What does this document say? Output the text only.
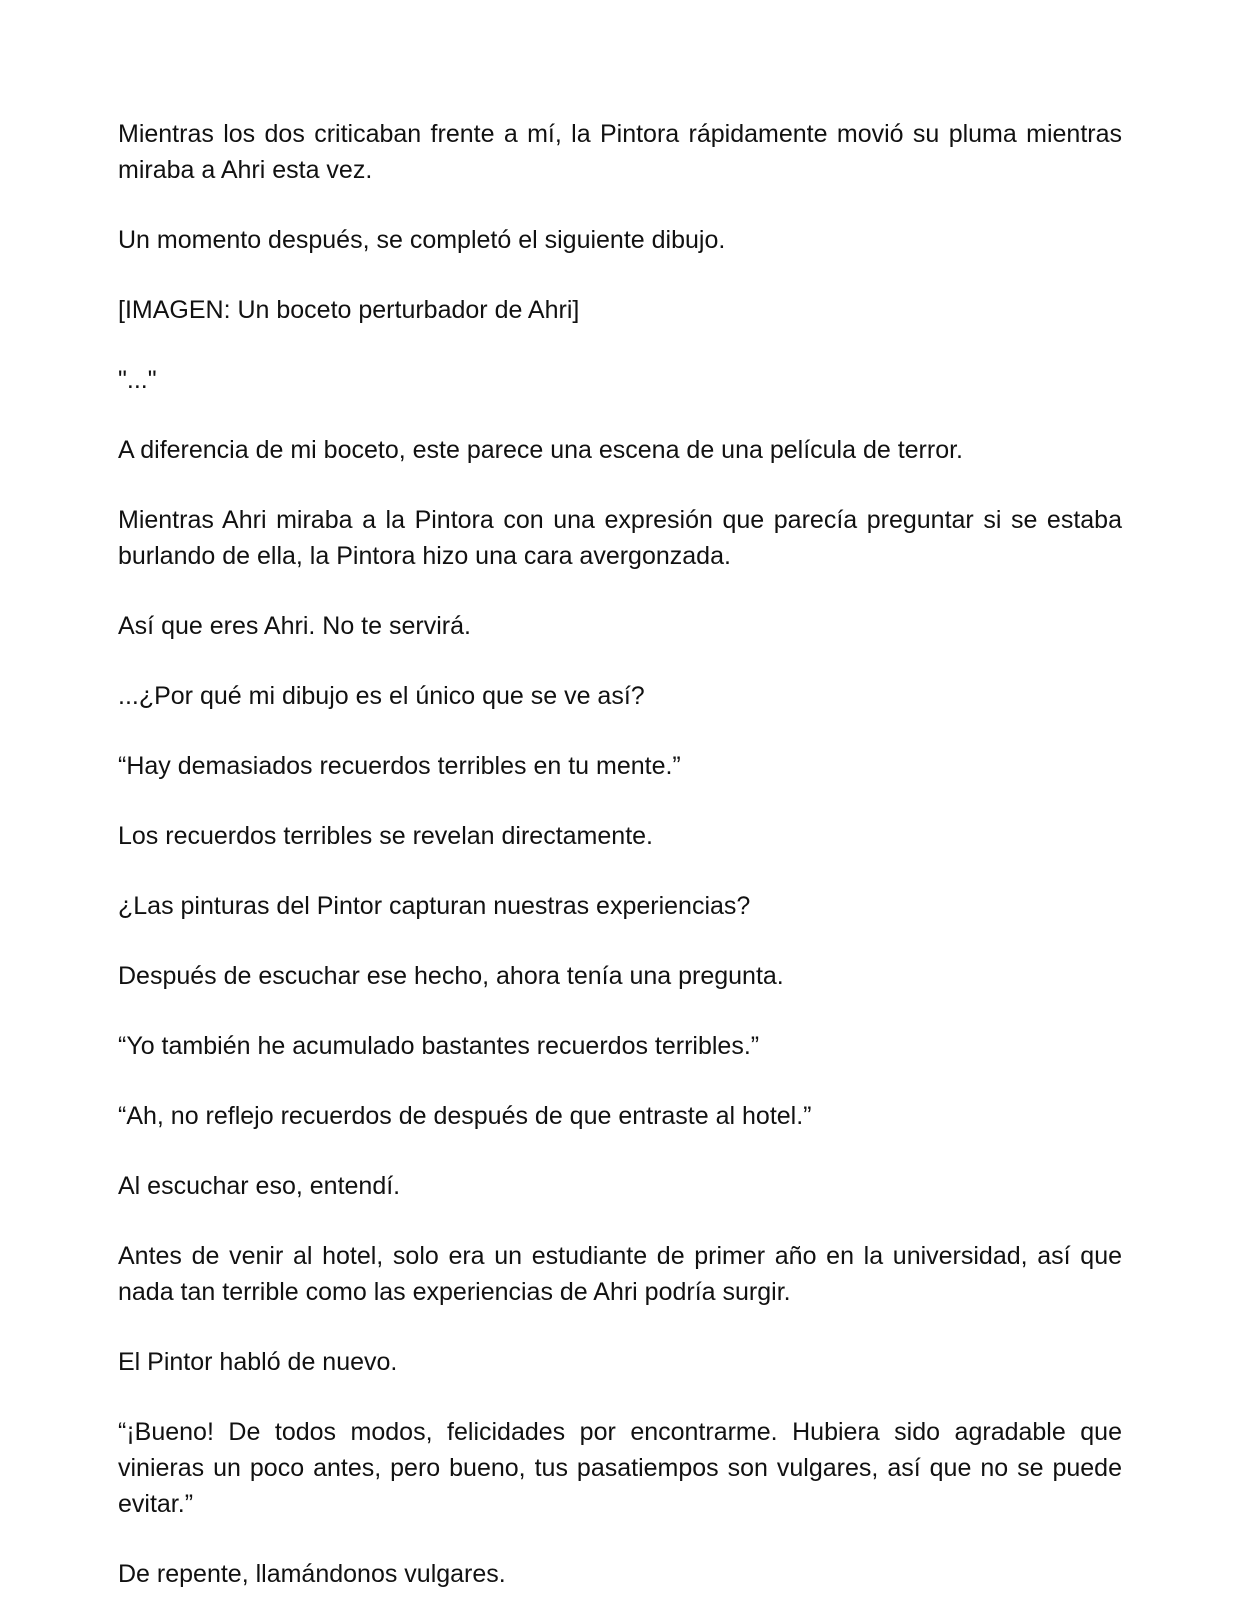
Mientras los dos criticaban frente a mí, la Pintora rápidamente movió su pluma mientras miraba a Ahri esta vez.

Un momento después, se completó el siguiente dibujo.

[IMAGEN: Un boceto perturbador de Ahri]

"..."

A diferencia de mi boceto, este parece una escena de una película de terror.

Mientras Ahri miraba a la Pintora con una expresión que parecía preguntar si se estaba burlando de ella, la Pintora hizo una cara avergonzada.

Así que eres Ahri. No te servirá.

...¿Por qué mi dibujo es el único que se ve así?

“Hay demasiados recuerdos terribles en tu mente.”

Los recuerdos terribles se revelan directamente.

¿Las pinturas del Pintor capturan nuestras experiencias?

Después de escuchar ese hecho, ahora tenía una pregunta.

“Yo también he acumulado bastantes recuerdos terribles.”

“Ah, no reflejo recuerdos de después de que entraste al hotel.”

Al escuchar eso, entendí.

Antes de venir al hotel, solo era un estudiante de primer año en la universidad, así que nada tan terrible como las experiencias de Ahri podría surgir.

El Pintor habló de nuevo.

“¡Bueno! De todos modos, felicidades por encontrarme. Hubiera sido agradable que vinieras un poco antes, pero bueno, tus pasatiempos son vulgares, así que no se puede evitar.”

De repente, llamándonos vulgares.
